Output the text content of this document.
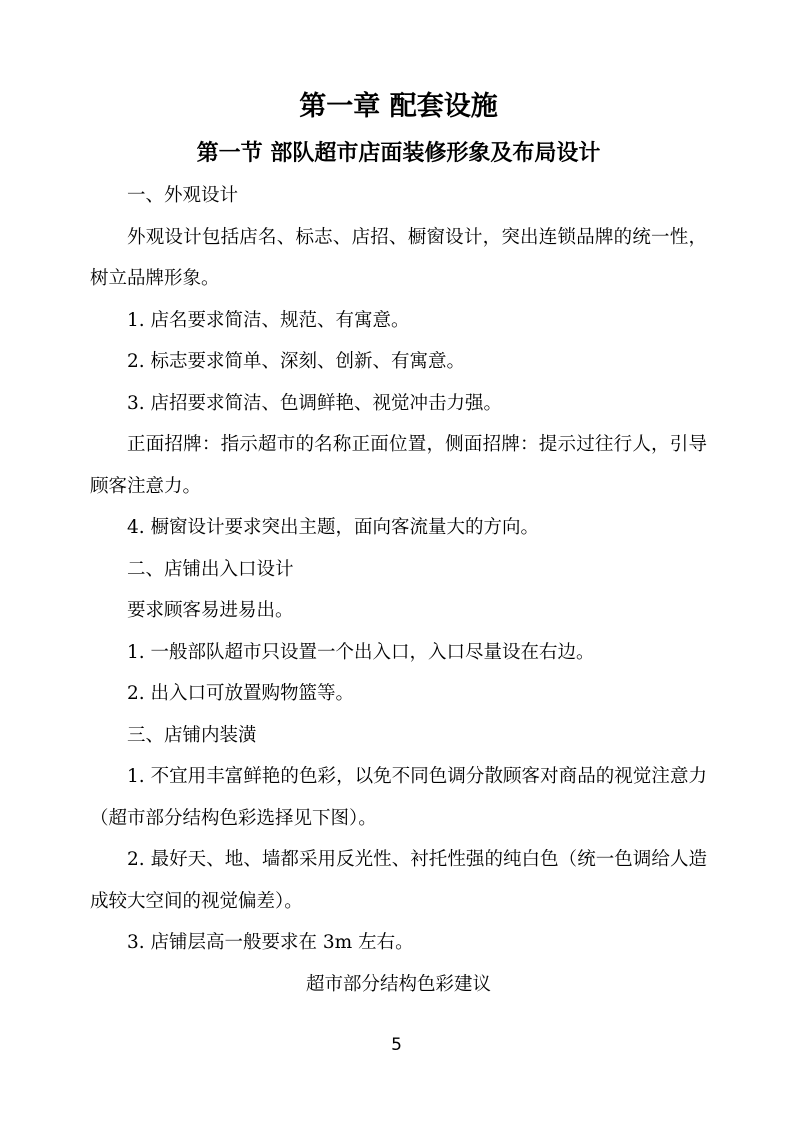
第一章 配套设施
第一节 部队超市店面装修形象及布局设计
一、外观设计
外观设计包括店名、标志、店招、橱窗设计，突出连锁品牌的统一性，
树立品牌形象。
1. 店名要求简洁、规范、有寓意。
2. 标志要求简单、深刻、创新、有寓意。
3. 店招要求简洁、色调鲜艳、视觉冲击力强。
正面招牌：指示超市的名称正面位置，侧面招牌：提示过往行人，引导
顾客注意力。
4. 橱窗设计要求突出主题，面向客流量大的方向。
二、店铺出入口设计
要求顾客易进易出。
1. 一般部队超市只设置一个出入口，入口尽量设在右边。
2. 出入口可放置购物篮等。
三、店铺内装潢
1. 不宜用丰富鲜艳的色彩，以免不同色调分散顾客对商品的视觉注意力
（超市部分结构色彩选择见下图）。
2. 最好天、地、墙都采用反光性、衬托性强的纯白色（统一色调给人造
成较大空间的视觉偏差）。
3. 店铺层高一般要求在 3m 左右。
超市部分结构色彩建议
5
